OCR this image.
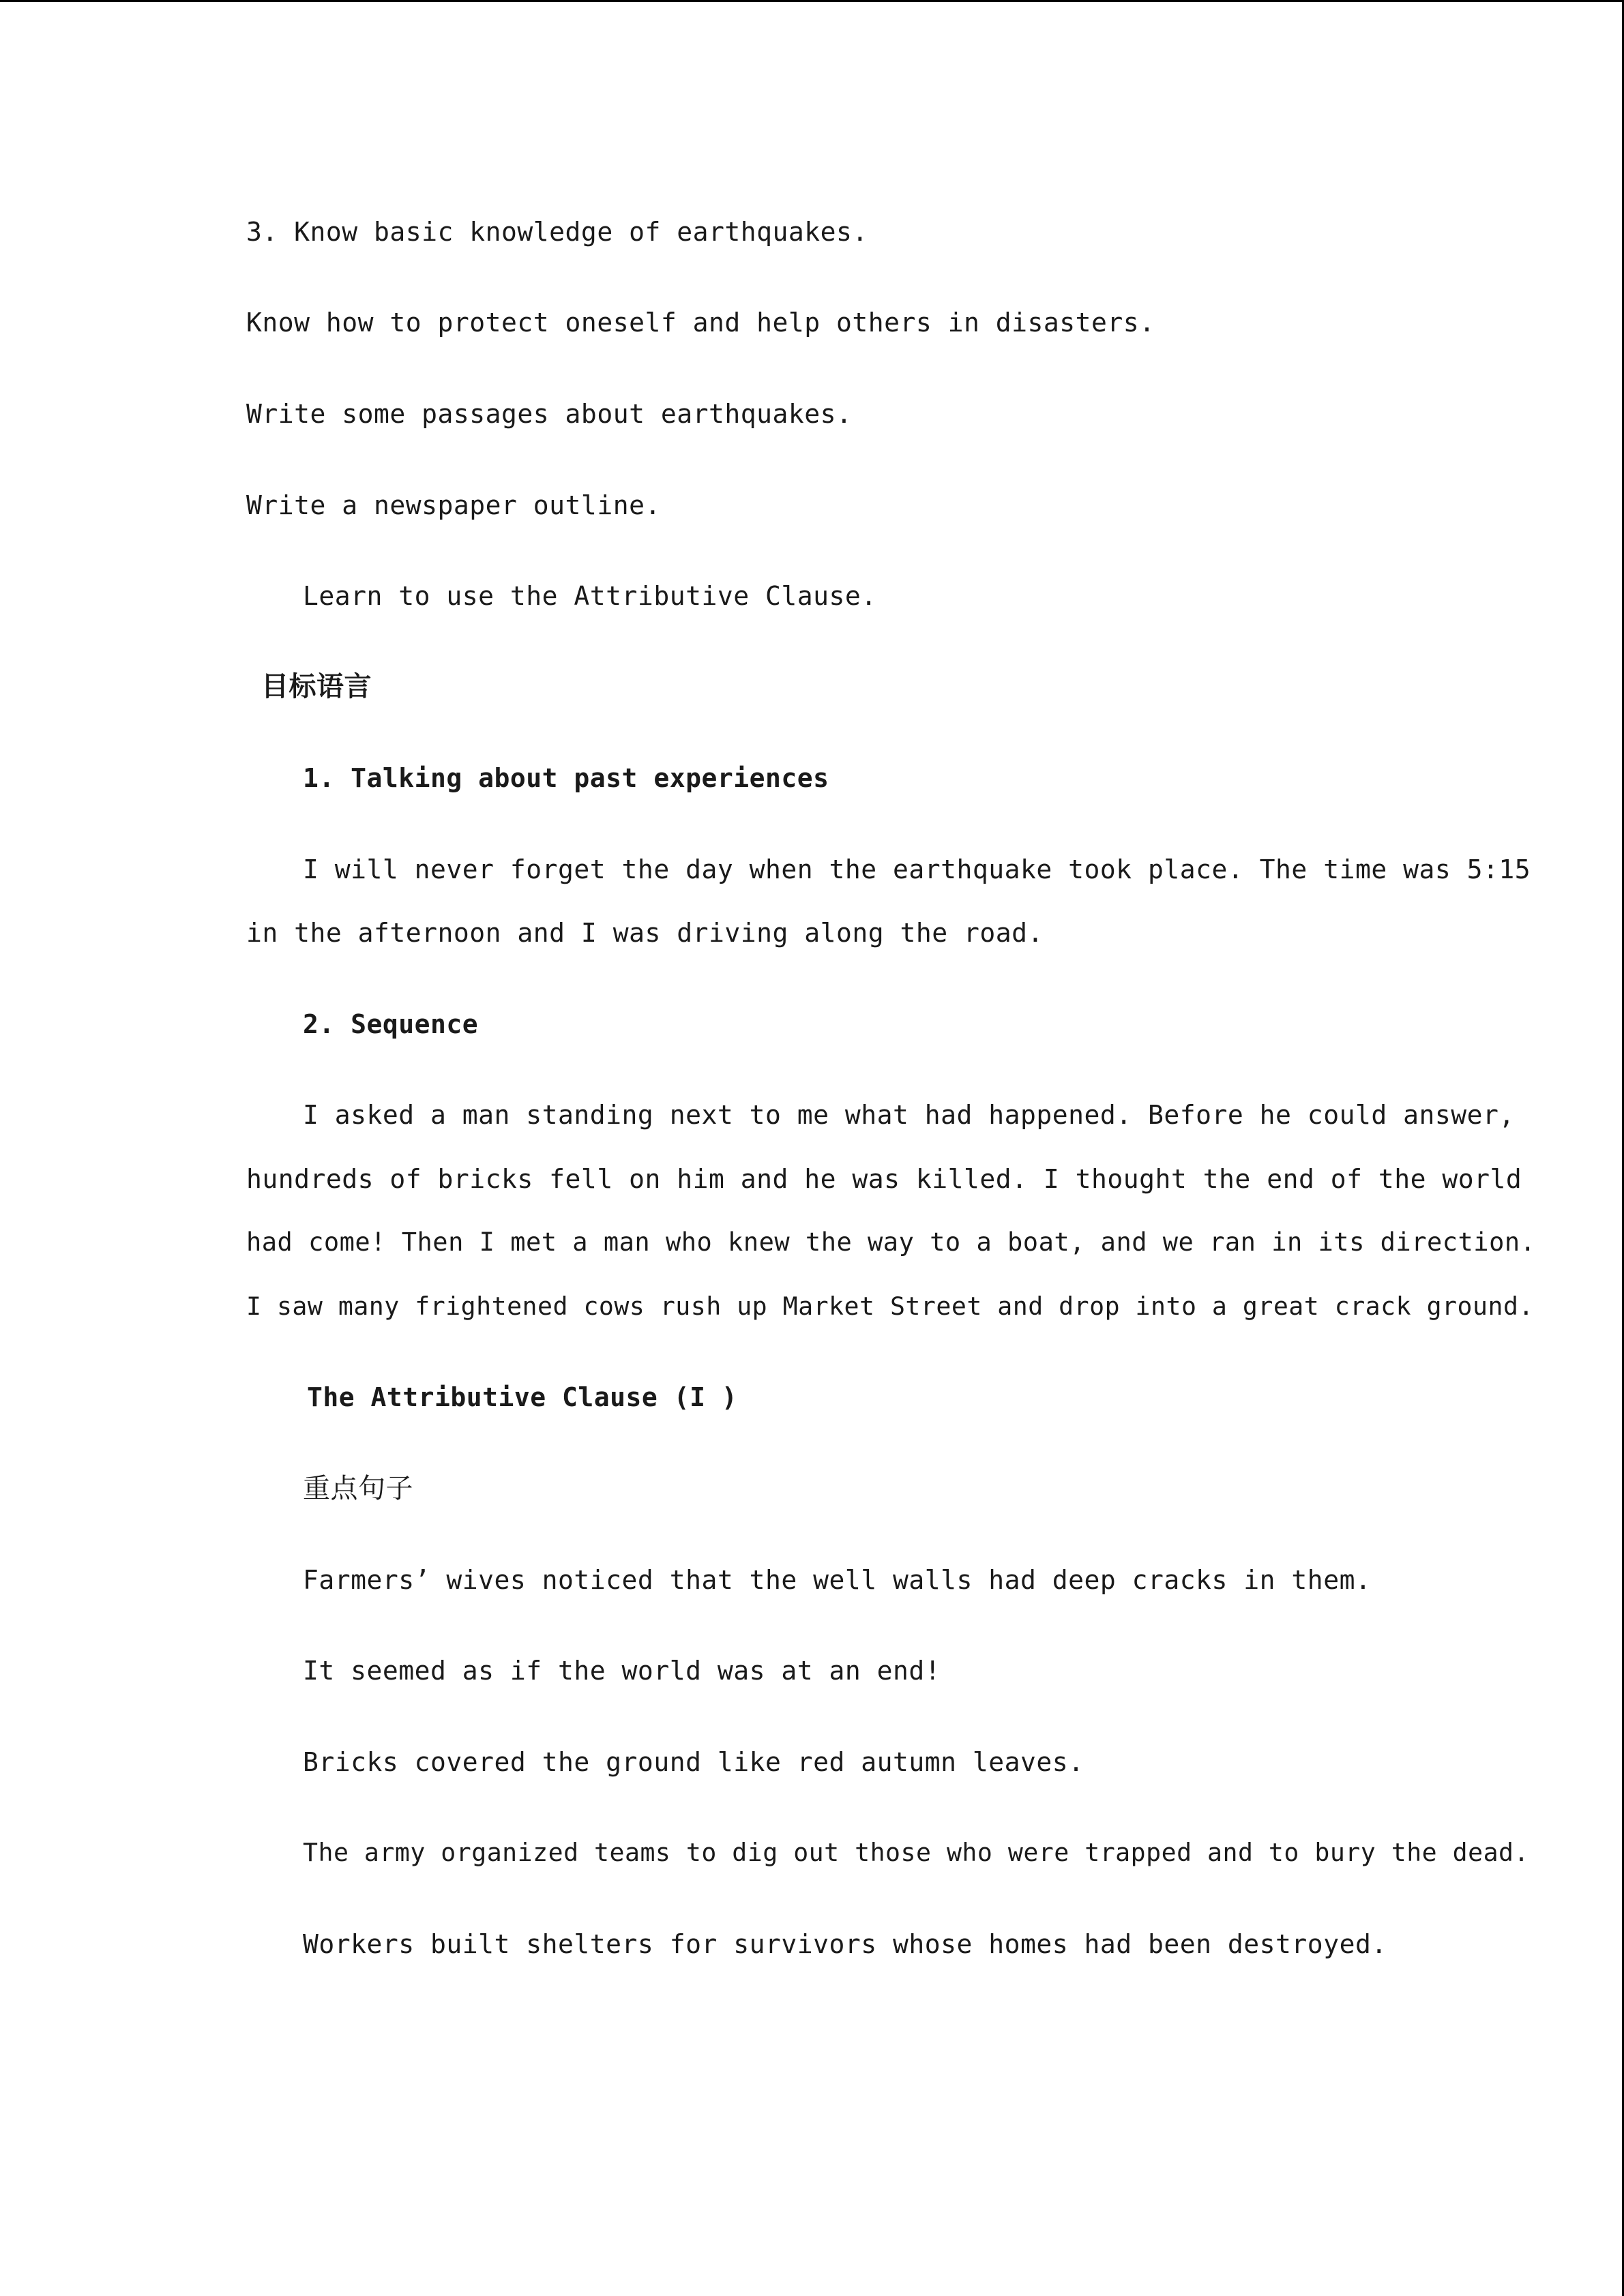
3. Know basic knowledge of earthquakes.
Know how to protect oneself and help others in disasters.
Write some passages about earthquakes.
Write a newspaper outline.
Learn to use the Attributive Clause.
目标语言
1. Talking about past experiences
I will never forget the day when the earthquake took place. The time was 5:15
in the afternoon and I was driving along the road.
2. Sequence
I asked a man standing next to me what had happened. Before he could answer,
hundreds of bricks fell on him and he was killed. I thought the end of the world
had come! Then I met a man who knew the way to a boat, and we ran in its direction.
I saw many frightened cows rush up Market Street and drop into a great crack ground.
The Attributive Clause (I )
重点句子
Farmers’ wives noticed that the well walls had deep cracks in them.
It seemed as if the world was at an end!
Bricks covered the ground like red autumn leaves.
The army organized teams to dig out those who were trapped and to bury the dead.
Workers built shelters for survivors whose homes had been destroyed.
